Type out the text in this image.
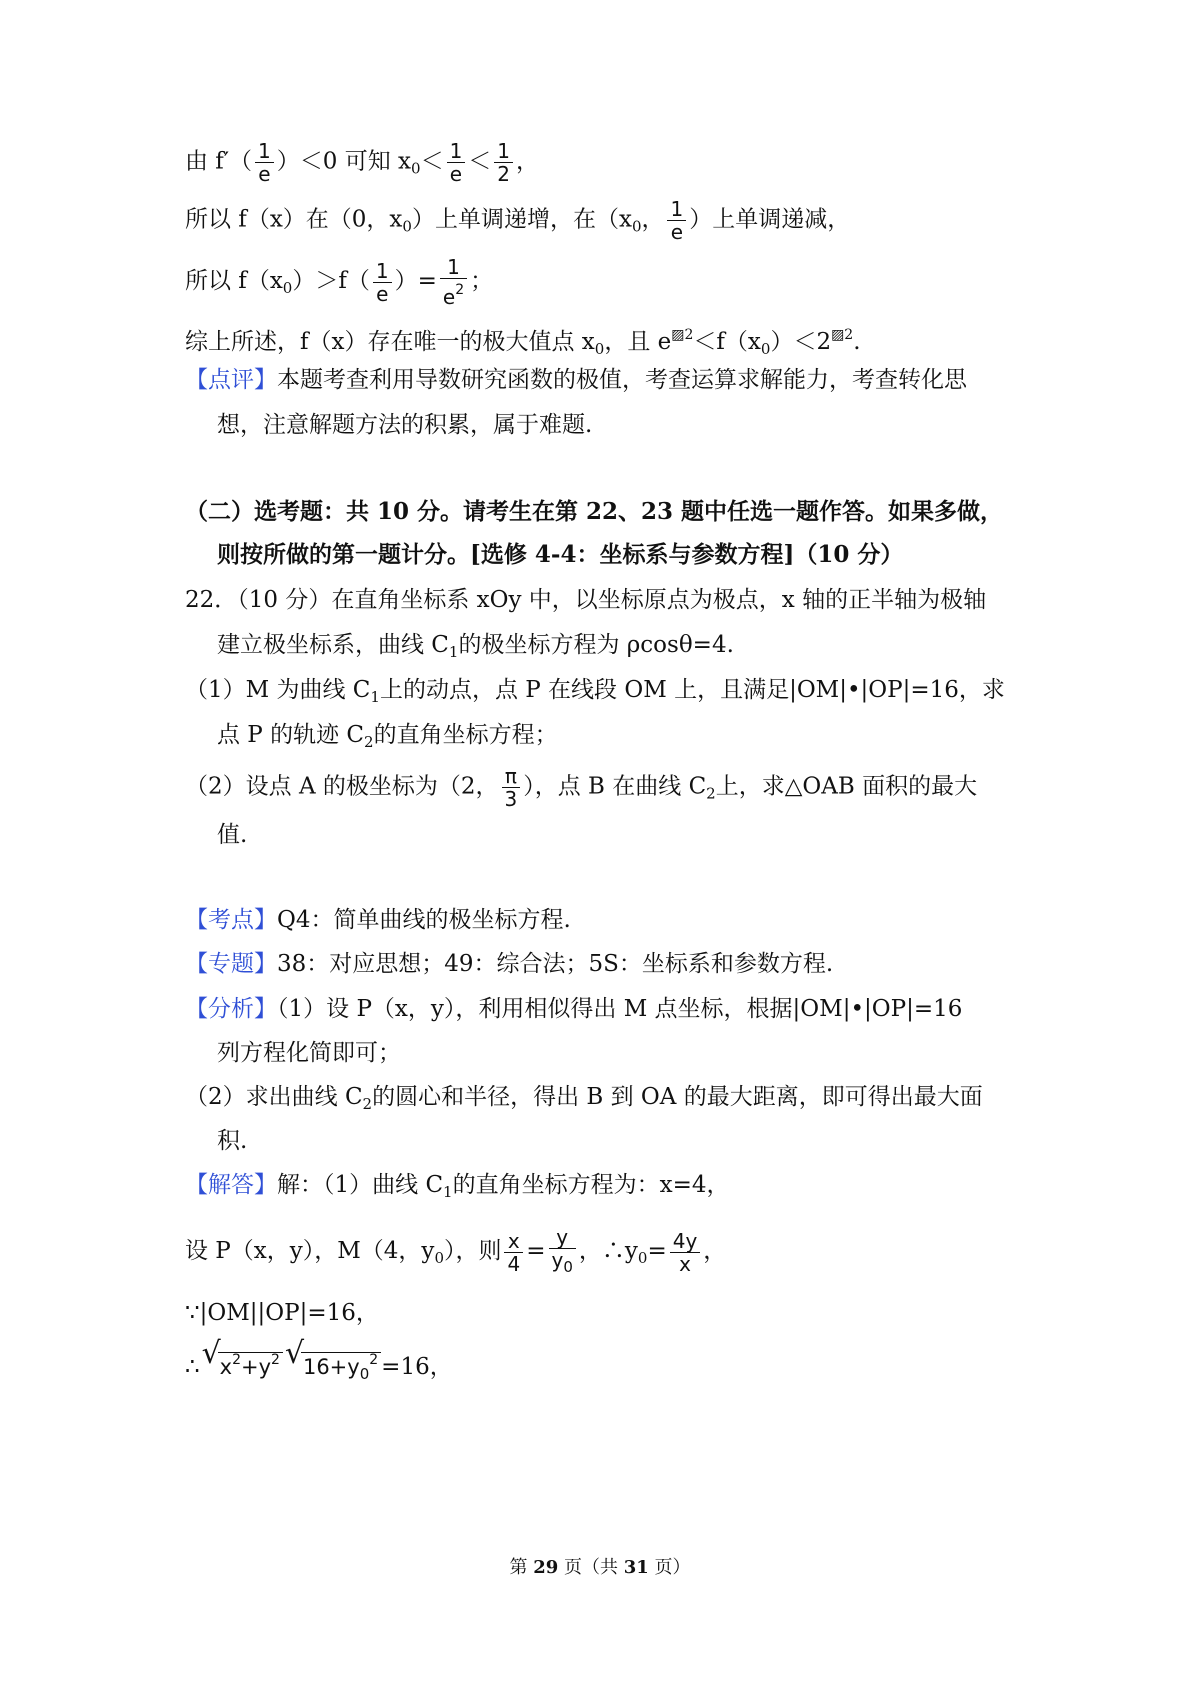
由 $f'( \frac{1}{e} )<0$ 可知 $x_0< \frac{1}{e} < \frac{1}{2}$ ，
所以 f（x）在（0，$x_0$）上单调递增，在（$x_0$， $\frac{1}{e}$ ）上单调递减，
所以 $f(x_0)>f( \frac{1}{e}$ ）= $\frac{1}{e^2}$ ；
综上所述，f（x）存在唯一的极大值点 $x_0$，且 $e^{▨2}<f(x_0)<2^{▨2}$.
【点评】本题考查利用导数研究函数的极值，考查运算求解能力，考查转化思
想，注意解题方法的积累，属于难题.
（二）选考题：共 10 分。请考生在第 22、23 题中任选一题作答。如果多做，
则按所做的第一题计分。[选修 4-4：坐标系与参数方程]（10 分）
22．（10 分）在直角坐标系 xOy 中，以坐标原点为极点，x 轴的正半轴为极轴
建立极坐标系，曲线 $C_1$的极坐标方程为 ρcosθ=4.
（1）M 为曲线 $C_1$上的动点，点 P 在线段 OM 上，且满足|OM|•|OP|=16，求
点 P 的轨迹 $C_2$的直角坐标方程；
（2）设点 A 的极坐标为（2， $\frac{\pi}{3}$ ），点 B 在曲线 $C_2$上，求△OAB 面积的最大
值.
【考点】Q4：简单曲线的极坐标方程.
【专题】38：对应思想；49：综合法；5S：坐标系和参数方程.
【分析】（1）设 P（x，y），利用相似得出 M 点坐标，根据|OM|•|OP|=16
列方程化简即可；
（2）求出曲线 $C_2$的圆心和半径，得出 B 到 OA 的最大距离，即可得出最大面
积.
【解答】解：（1）曲线 $C_1$的直角坐标方程为：x=4，
设 P（x，y），M（4，$y_0$），则 $\frac{x}{4} = \frac{y}{y_0}$ ，$\therefore y_0= \frac{4y}{x}$ ，
∵|OM||OP|=16，
∴ √
$x^2+y^2$ √
$16+y_0^2 =16$，
第 29 页（共 31 页）
